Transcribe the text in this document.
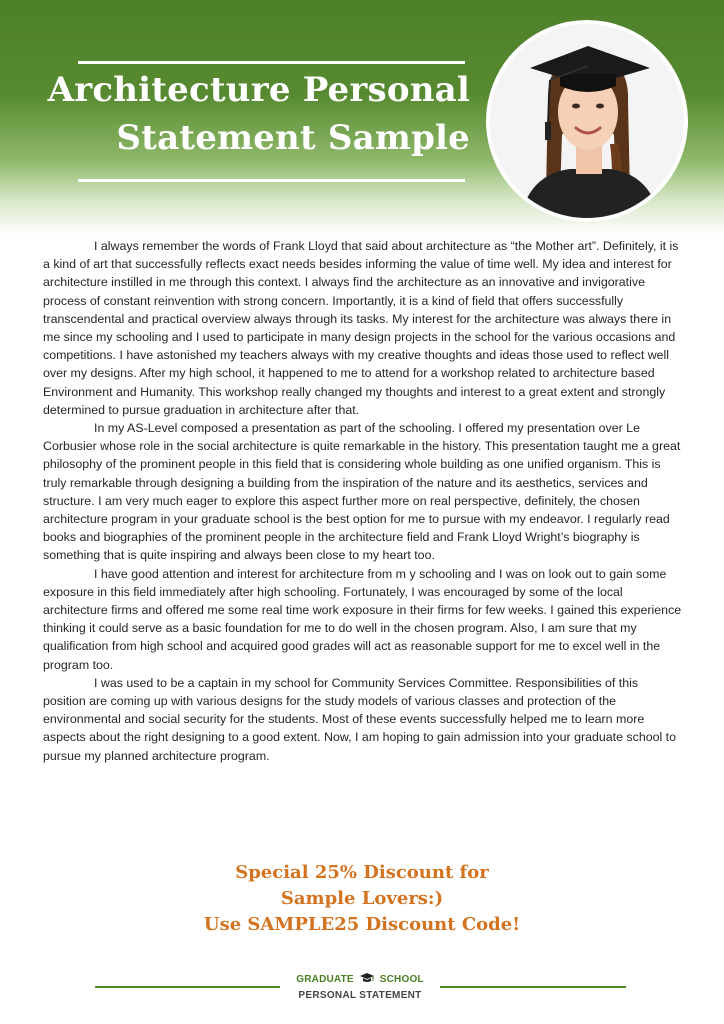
Architecture Personal
Statement Sample

I always remember the words of Frank Lloyd that said about architecture as “the Mother art”. Definitely, it is a kind of art that successfully reflects exact needs besides informing the value of time well. My idea and interest for architecture instilled in me through this context. I always find the architecture as an innovative and invigorative process of constant reinvention with strong concern. Importantly, it is a kind of field that offers successfully transcendental and practical overview always through its tasks. My interest for the architecture was always there in me since my schooling and I used to participate in many design projects in the school for the various occasions and competitions. I have astonished my teachers always with my creative thoughts and ideas those used to reflect well over my designs. After my high school, it happened to me to attend for a workshop related to architecture based Environment and Humanity. This workshop really changed my thoughts and interest to a great extent and strongly determined to pursue graduation in architecture after that.

In my AS-Level composed a presentation as part of the schooling. I offered my presentation over Le Corbusier whose role in the social architecture is quite remarkable in the history. This presentation taught me a great philosophy of the prominent people in this field that is considering whole building as one unified organism. This is truly remarkable through designing a building from the inspiration of the nature and its aesthetics, services and structure. I am very much eager to explore this aspect further more on real perspective, definitely, the chosen architecture program in your graduate school is the best option for me to pursue with my endeavor. I regularly read books and biographies of the prominent people in the architecture field and Frank Lloyd Wright’s biography is something that is quite inspiring and always been close to my heart too.

I have good attention and interest for architecture from m y schooling and I was on look out to gain some exposure in this field immediately after high schooling. Fortunately, I was encouraged by some of the local architecture firms and offered me some real time work exposure in their firms for few weeks. I gained this experience thinking it could serve as a basic foundation for me to do well in the chosen program. Also, I am sure that my qualification from high school and acquired good grades will act as reasonable support for me to excel well in the program too.

I was used to be a captain in my school for Community Services Committee. Responsibilities of this position are coming up with various designs for the study models of various classes and protection of the environmental and social security for the students. Most of these events successfully helped me to learn more aspects about the right designing to a good extent. Now, I am hoping to gain admission into your graduate school to pursue my planned architecture program.

Special 25% Discount for
Sample Lovers:)
Use SAMPLE25 Discount Code!
GRADUATE	SCHOOL
PERSONAL STATEMENT
